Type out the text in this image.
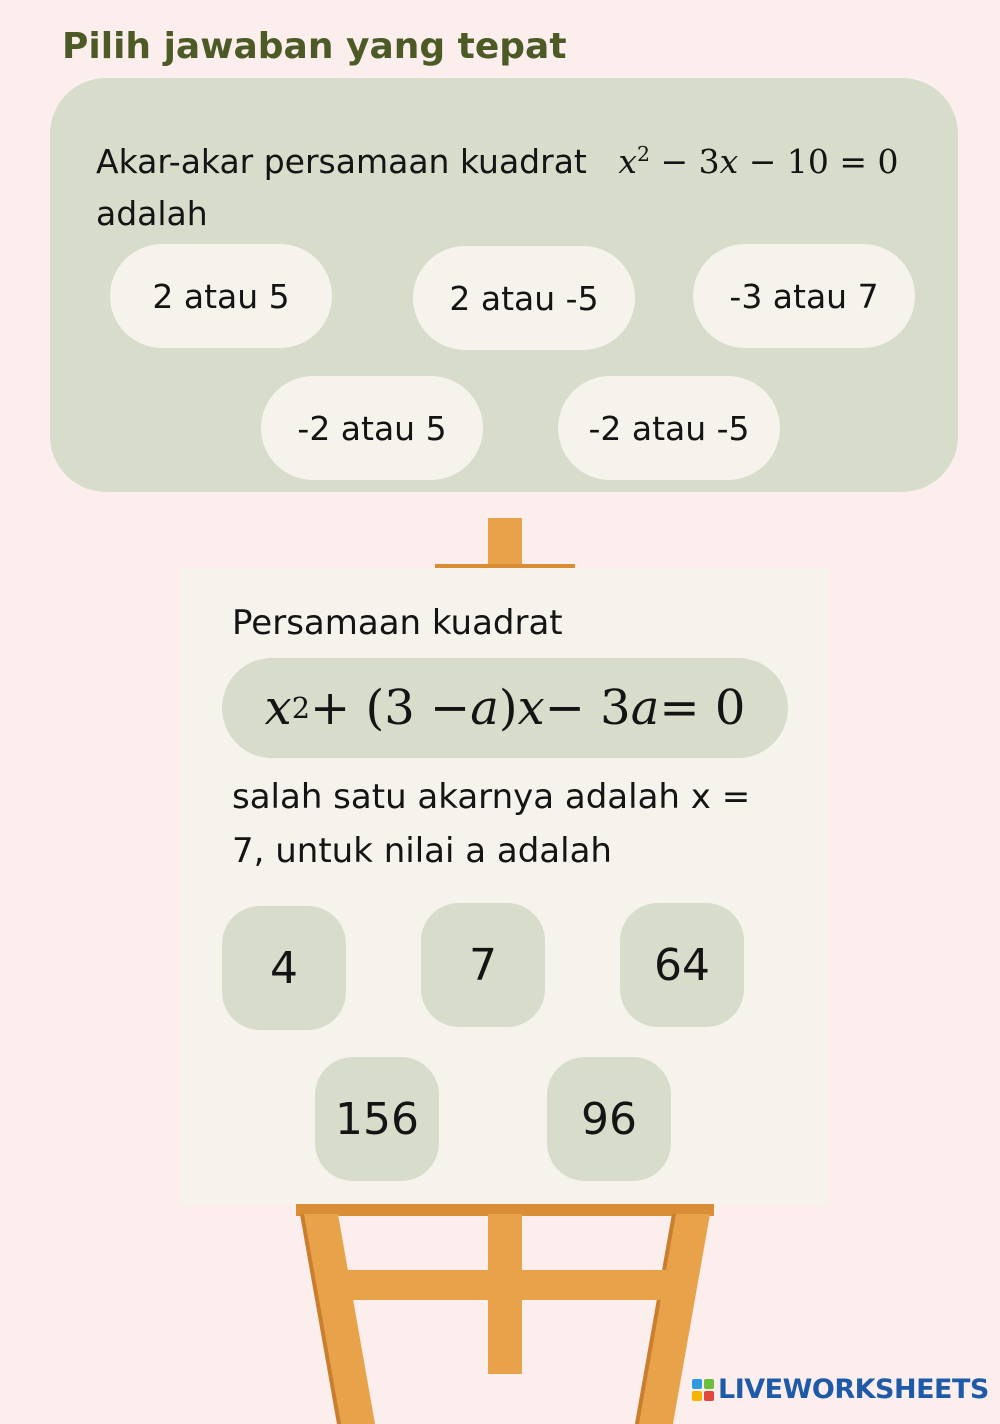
Pilih jawaban yang tepat
Akar-akar persamaan kuadrat $x^2 - 3x - 10 = 0$
adalah
2 atau 5	2 atau -5	-3 atau 7
-2 atau 5	-2 atau -5
Persamaan kuadrat
x 2 + (3 − a ) x − 3 a = 0
salah satu akarnya adalah x =
7, untuk nilai a adalah
4	7	64
156	96
LIVEWORKSHEETS
